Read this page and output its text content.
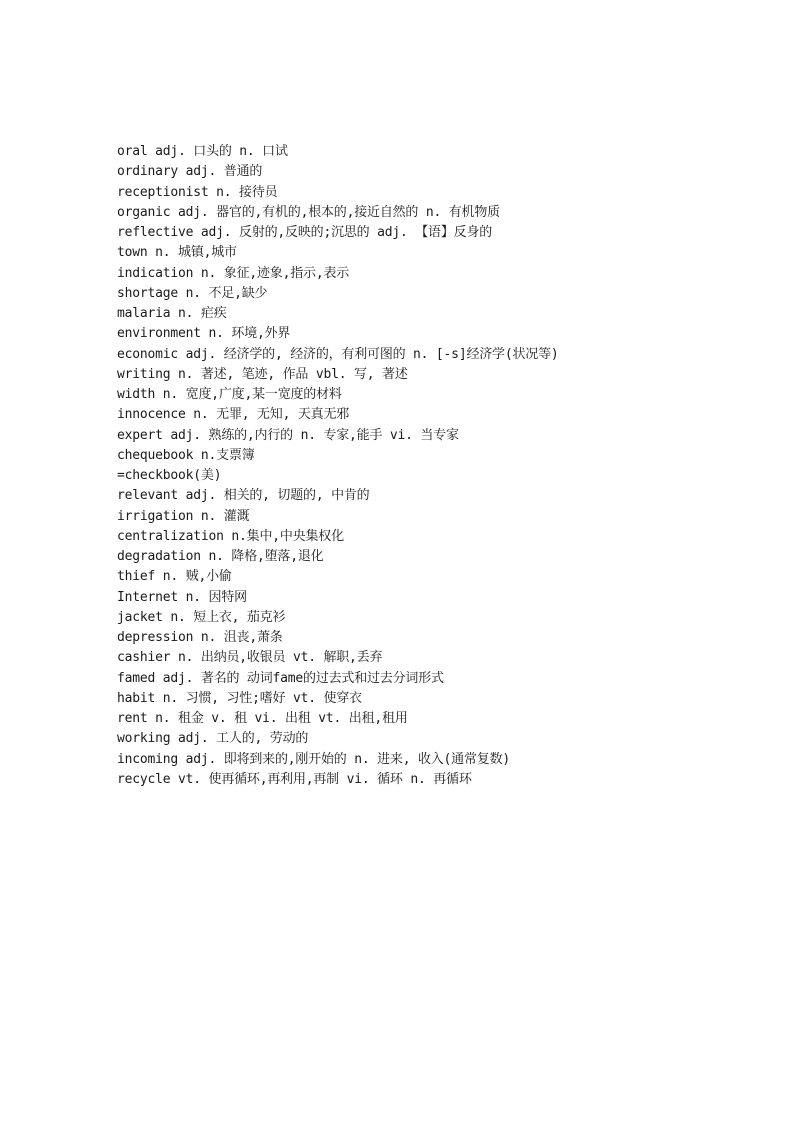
oral adj. 口头的 n. 口试
ordinary adj. 普通的
receptionist n. 接待员
organic adj. 器官的,有机的,根本的,接近自然的 n. 有机物质
reflective adj. 反射的,反映的;沉思的 adj. 【语】反身的
town n. 城镇,城市
indication n. 象征,迹象,指示,表示
shortage n. 不足,缺少
malaria n. 疟疾
environment n. 环境,外界
economic adj. 经济学的, 经济的，有利可图的 n. [-s]经济学(状况等)
writing n. 著述, 笔迹, 作品 vbl. 写, 著述
width n. 宽度,广度,某一宽度的材料
innocence n. 无罪, 无知, 天真无邪
expert adj. 熟练的,内行的 n. 专家,能手 vi. 当专家
chequebook n.支票簿
=checkbook(美)
relevant adj. 相关的, 切题的, 中肯的
irrigation n. 灌溉
centralization n.集中,中央集权化
degradation n. 降格,堕落,退化
thief n. 贼,小偷
Internet n. 因特网
jacket n. 短上衣, 茄克衫
depression n. 沮丧,萧条
cashier n. 出纳员,收银员 vt. 解职,丢弃
famed adj. 著名的 动词fame的过去式和过去分词形式
habit n. 习惯, 习性;嗜好 vt. 使穿衣
rent n. 租金 v. 租 vi. 出租 vt. 出租,租用
working adj. 工人的, 劳动的
incoming adj. 即将到来的,刚开始的 n. 进来, 收入(通常复数)
recycle vt. 使再循环,再利用,再制 vi. 循环 n. 再循环
